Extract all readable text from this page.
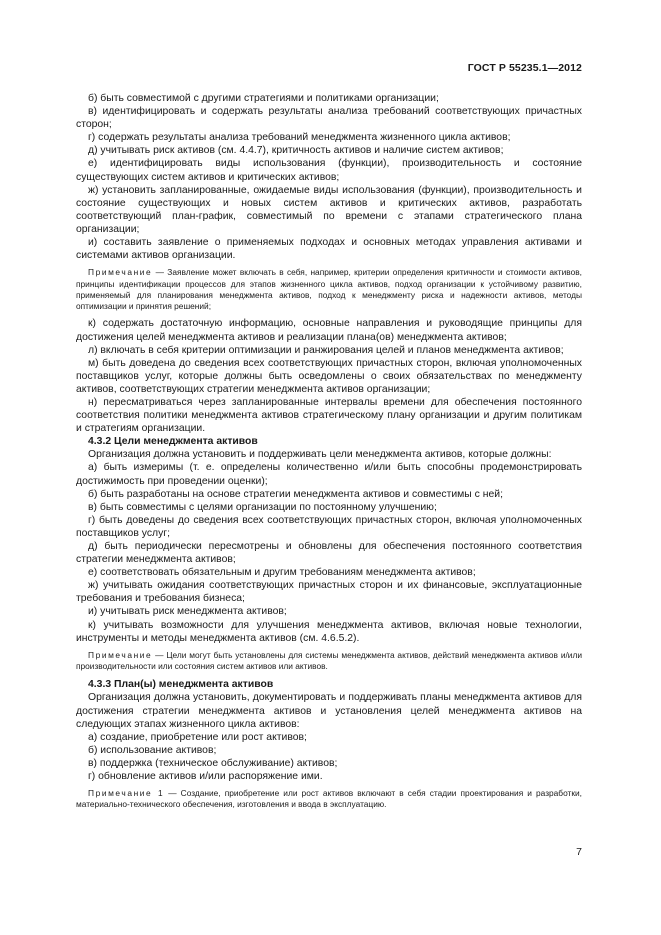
ГОСТ Р 55235.1—2012

б) быть совместимой с другими стратегиями и политиками организации;

в) идентифицировать и содержать результаты анализа требований соответствующих причастных сторон;

г) содержать результаты анализа требований менеджмента жизненного цикла активов;

д) учитывать риск активов (см. 4.4.7), критичность активов и наличие систем активов;

е) идентифицировать виды использования (функции), производительность и состояние существующих систем активов и критических активов;

ж) установить запланированные, ожидаемые виды использования (функции), производительность и состояние существующих и новых систем активов и критических активов, разработать соответствующий план-график, совместимый по времени с этапами стратегического плана организации;

и) составить заявление о применяемых подходах и основных методах управления активами и системами активов организации.

Примечание — Заявление может включать в себя, например, критерии определения критичности и стоимости активов, принципы идентификации процессов для этапов жизненного цикла активов, подход организации к устойчивому развитию, применяемый для планирования менеджмента активов, подход к менеджменту риска и надежности активов, методы оптимизации и принятия решений;

к) содержать достаточную информацию, основные направления и руководящие принципы для достижения целей менеджмента активов и реализации плана(ов) менеджмента активов;

л) включать в себя критерии оптимизации и ранжирования целей и планов менеджмента активов;

м) быть доведена до сведения всех соответствующих причастных сторон, включая уполномоченных поставщиков услуг, которые должны быть осведомлены о своих обязательствах по менеджменту активов, соответствующих стратегии менеджмента активов организации;

н) пересматриваться через запланированные интервалы времени для обеспечения постоянного соответствия политики менеджмента активов стратегическому плану организации и другим политикам и стратегиям организации.

4.3.2 Цели менеджмента активов

Организация должна установить и поддерживать цели менеджмента активов, которые должны:

а) быть измеримы (т. е. определены количественно и/или быть способны продемонстрировать достижимость при проведении оценки);

б) быть разработаны на основе стратегии менеджмента активов и совместимы с ней;

в) быть совместимы с целями организации по постоянному улучшению;

г) быть доведены до сведения всех соответствующих причастных сторон, включая уполномоченных поставщиков услуг;

д) быть периодически пересмотрены и обновлены для обеспечения постоянного соответствия стратегии менеджмента активов;

е) соответствовать обязательным и другим требованиям менеджмента активов;

ж) учитывать ожидания соответствующих причастных сторон и их финансовые, эксплуатационные требования и требования бизнеса;

и) учитывать риск менеджмента активов;

к) учитывать возможности для улучшения менеджмента активов, включая новые технологии, инструменты и методы менеджмента активов (см. 4.6.5.2).

Примечание — Цели могут быть установлены для системы менеджмента активов, действий менеджмента активов и/или производительности или состояния систем активов или активов.

4.3.3 План(ы) менеджмента активов

Организация должна установить, документировать и поддерживать планы менеджмента активов для достижения стратегии менеджмента активов и установления целей менеджмента активов на следующих этапах жизненного цикла активов:

а) создание, приобретение или рост активов;

б) использование активов;

в) поддержка (техническое обслуживание) активов;

г) обновление активов и/или распоряжение ими.

Примечание 1 — Создание, приобретение или рост активов включают в себя стадии проектирования и разработки, материально-технического обеспечения, изготовления и ввода в эксплуатацию.

7
